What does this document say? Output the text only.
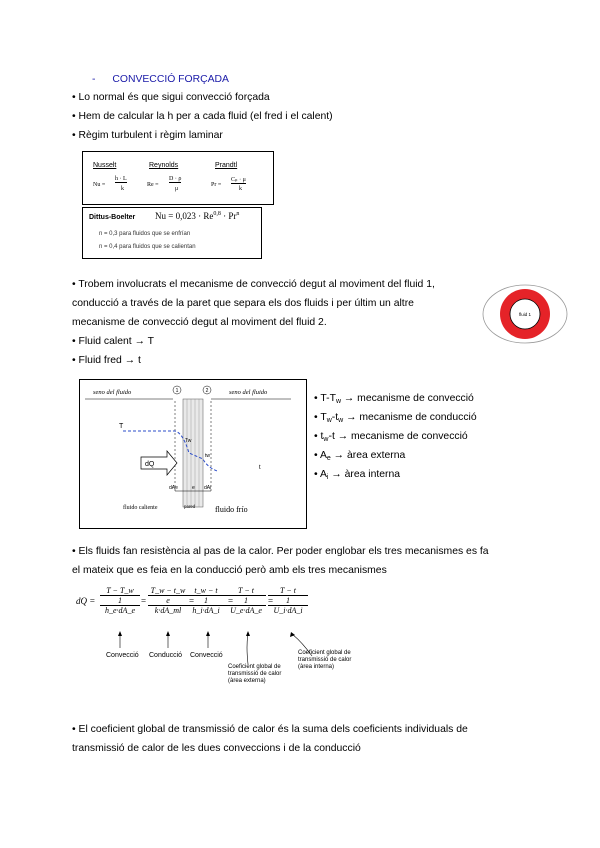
- CONVECCIÓ FORÇADA
• Lo normal és que sigui convecció forçada
• Hem de calcular la h per a cada fluid (el fred i el calent)
• Règim turbulent i règim laminar
Nusselt
Nu =
h · L
k
Reynolds
Re =
D · ρ
μ
Prandtl
Pr =
Cₚ · μ
k
Dittus-Boelter $Nu = 0,023 \cdot Re^{0,8} \cdot Pr^n$
n = 0,3 para fluidos que se enfrían
n = 0,4 para fluidos que se calientan
• Trobem involucrats el mecanisme de convecció degut al moviment del fluid 1,
conducció a través de la paret que separa els dos fluids i per últim un altre
mecanisme de convecció degut al moviment del fluid 2.
fluid 1
• Fluid calent → T
• Fluid fred → t
seno del fluido	seno del fluido
1	2
T
Tw
tw
t
dQ
dAe	e dAi
fluido caliente	pared fluido frío
• $T-T_w$ → mecanisme de convecció
• $T_w-t_w$ → mecanisme de conducció
• $t_w-t$ → mecanisme de convecció
• $A_e$ → àrea externa
• $A_i$ → àrea interna
• Els fluids fan resistència al pas de la calor. Per poder englobar els tres mecanismes es fa
el mateix que es feia en la conducció però amb els tres mecanismes
dQ =
T − T_w
1
h_e·dA_e
=
T_w − t_w
e
k·dA_ml
=
t_w − t
1
h_i·dA_i
=
T − t
1
U_e·dA_e
=
T − t
1
U_i·dA_i
Convecció Conducció Convecció
Coeficient global de
transmissió de calor
(àrea externa)
Coeficient global de
transmissió de calor
(àrea interna)
• El coeficient global de transmissió de calor és la suma dels coeficients individuals de
transmissió de calor de les dues conveccions i de la conducció
